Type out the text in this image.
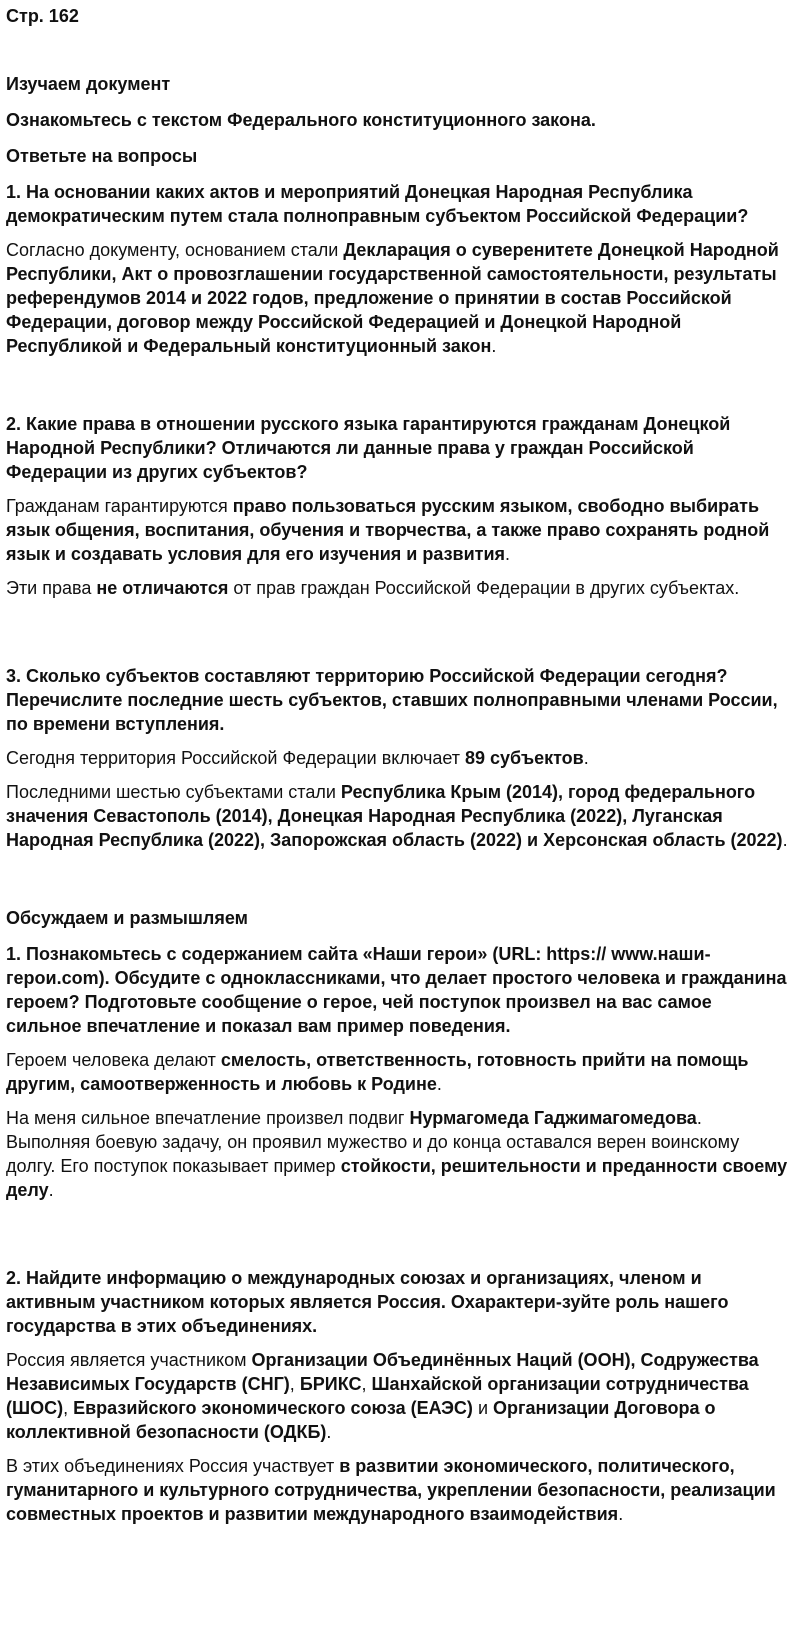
Стр. 162
Изучаем документ
Ознакомьтесь с текстом Федерального конституционного закона.
Ответьте на вопросы
1. На основании каких актов и мероприятий Донецкая Народная Республика демократическим путем стала полноправным субъектом Российской Федерации?
Согласно документу, основанием стали Декларация о суверенитете Донецкой Народной Республики, Акт о провозглашении государственной самостоятельности, результаты референдумов 2014 и 2022 годов, предложение о принятии в состав Российской Федерации, договор между Российской Федерацией и Донецкой Народной Республикой и Федеральный конституционный закон.
2. Какие права в отношении русского языка гарантируются гражданам Донецкой Народной Республики? Отличаются ли данные права у граждан Российской Федерации из других субъектов?
Гражданам гарантируются право пользоваться русским языком, свободно выбирать язык общения, воспитания, обучения и творчества, а также право сохранять родной язык и создавать условия для его изучения и развития.
Эти права не отличаются от прав граждан Российской Федерации в других субъектах.
3. Сколько субъектов составляют территорию Российской Федерации сегодня? Перечислите последние шесть субъектов, ставших полноправными членами России, по времени вступления.
Сегодня территория Российской Федерации включает 89 субъектов.
Последними шестью субъектами стали Республика Крым (2014), город федерального значения Севастополь (2014), Донецкая Народная Республика (2022), Луганская Народная Республика (2022), Запорожская область (2022) и Херсонская область (2022).
Обсуждаем и размышляем
1. Познакомьтесь с содержанием сайта «Наши герои» (URL: https:// www.наши-герои.com). Обсудите с одноклассниками, что делает простого человека и гражданина героем? Подготовьте сообщение о герое, чей поступок произвел на вас самое сильное впечатление и показал вам пример поведения.
Героем человека делают смелость, ответственность, готовность прийти на помощь другим, самоотверженность и любовь к Родине.
На меня сильное впечатление произвел подвиг Нурмагомеда Гаджимагомедова. Выполняя боевую задачу, он проявил мужество и до конца оставался верен воинскому долгу. Его поступок показывает пример стойкости, решительности и преданности своему делу.
2. Найдите информацию о международных союзах и организациях, членом и активным участником которых является Россия. Охарактери-зуйте роль нашего государства в этих объединениях.
Россия является участником Организации Объединённых Наций (ООН), Содружества Независимых Государств (СНГ), БРИКС, Шанхайской организации сотрудничества (ШОС), Евразийского экономического союза (ЕАЭС) и Организации Договора о коллективной безопасности (ОДКБ).
В этих объединениях Россия участвует в развитии экономического, политического, гуманитарного и культурного сотрудничества, укреплении безопасности, реализации совместных проектов и развитии международного взаимодействия.
